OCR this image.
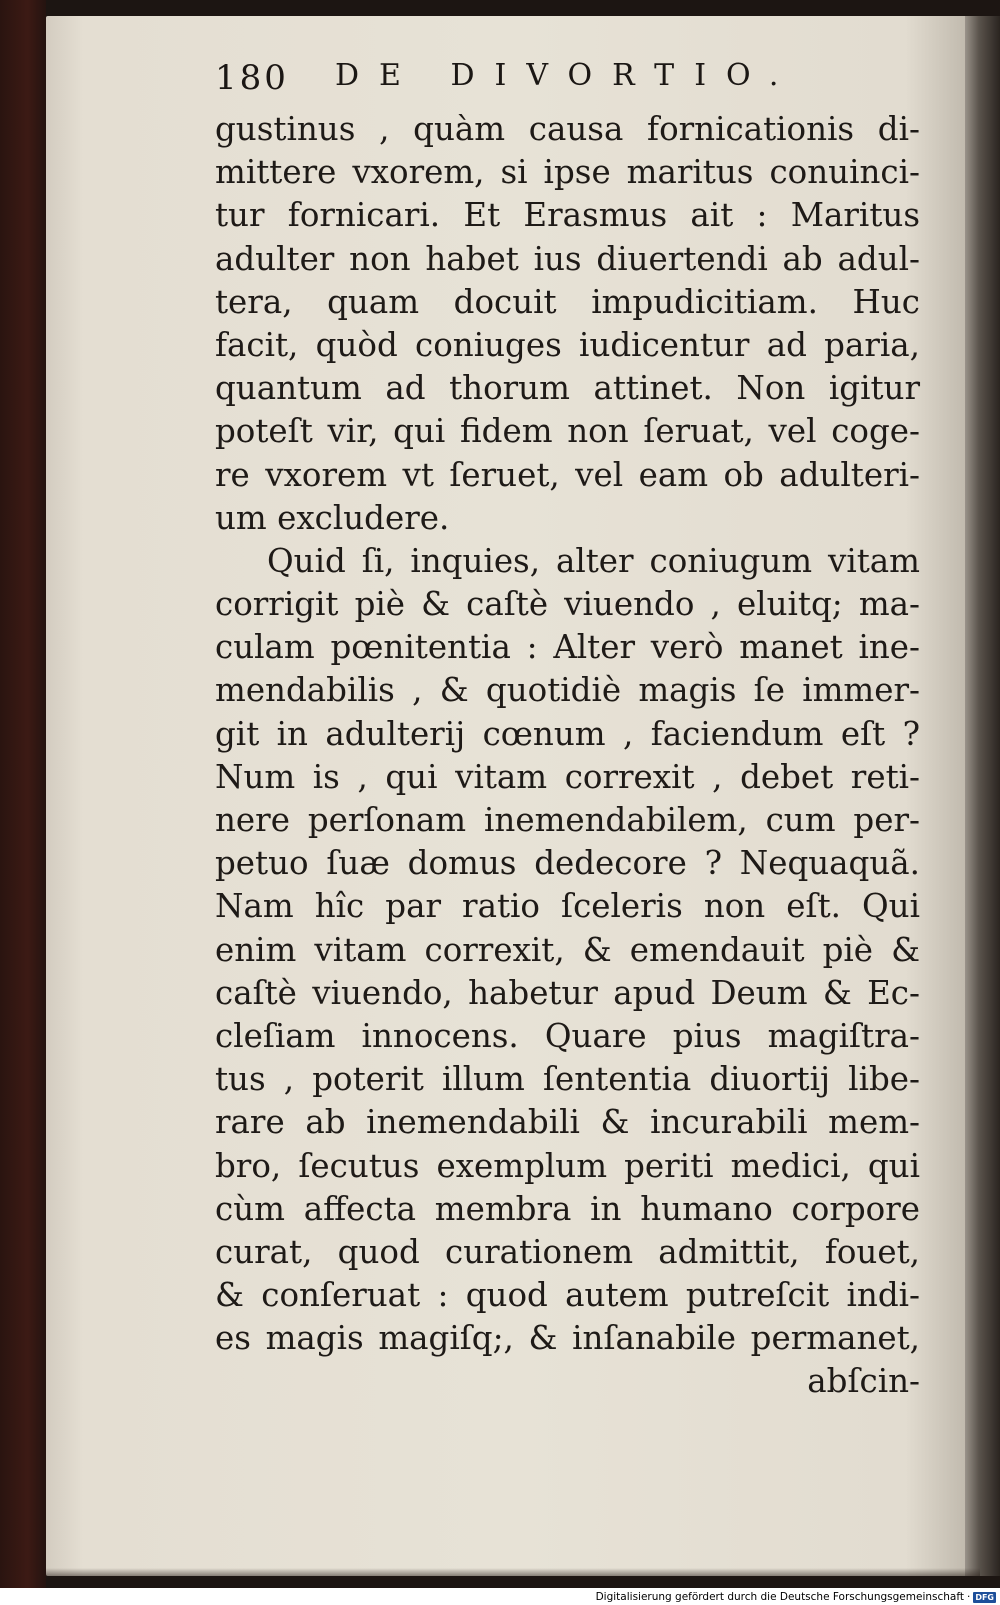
180 DE DIVORTIO.
gustinus , quàm causa fornicationis di-
mittere vxorem, si ipse maritus conuinci-
tur fornicari. Et Erasmus ait : Maritus
adulter non habet ius diuertendi ab adul-
tera, quam docuit impudicitiam. Huc
facit, quòd coniuges iudicentur ad paria,
quantum ad thorum attinet. Non igitur
poteſt vir, qui fidem non ſeruat, vel coge-
re vxorem vt ſeruet, vel eam ob adulteri-
um excludere.
Quid ſi, inquies, alter coniugum vitam
corrigit piè & caſtè viuendo , eluitq; ma-
culam pœnitentia : Alter verò manet ine-
mendabilis , & quotidiè magis ſe immer-
git in adulterij cœnum , faciendum eſt ?
Num is , qui vitam correxit , debet reti-
nere perſonam inemendabilem, cum per-
petuo ſuæ domus dedecore ? Nequaquã.
Nam hîc par ratio ſceleris non eſt. Qui
enim vitam correxit, & emendauit piè &
caſtè viuendo, habetur apud Deum & Ec-
cleſiam innocens. Quare pius magiſtra-
tus , poterit illum ſententia diuortij libe-
rare ab inemendabili & incurabili mem-
bro, ſecutus exemplum periti medici, qui
cùm affecta membra in humano corpore
curat, quod curationem admittit, fouet,
& conſeruat : quod autem putreſcit indi-
es magis magiſq;, & inſanabile permanet,
abſcin-
Digitalisierung gefördert durch die Deutsche Forschungsgemeinschaft · DFG
